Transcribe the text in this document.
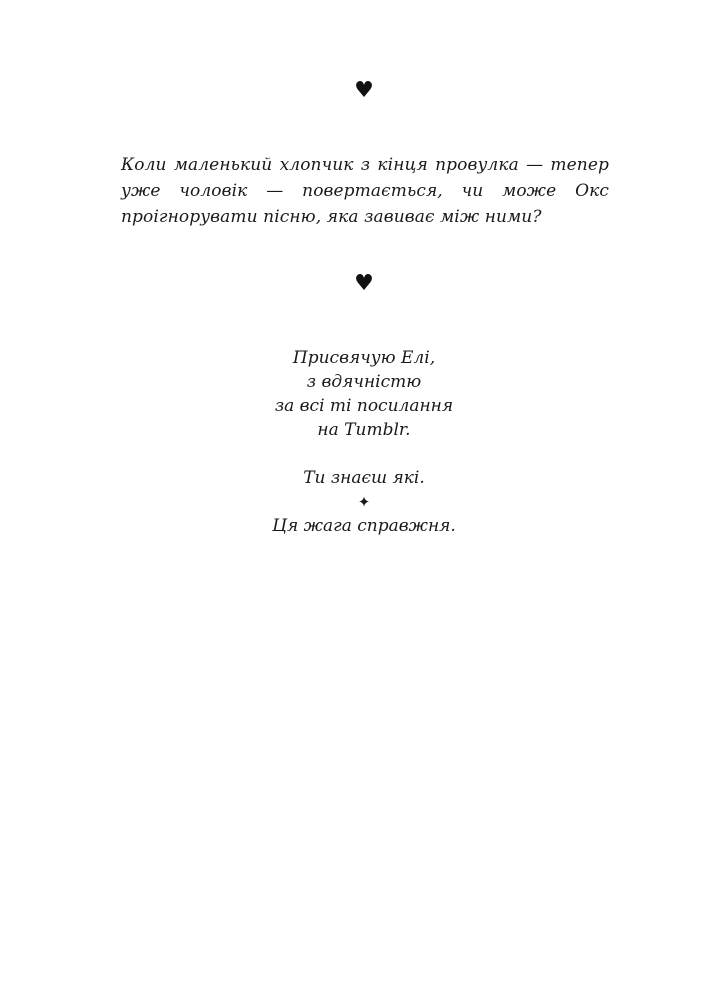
♥

Коли маленький хлопчик з кінця провулка — тепер уже чоловік — повертається, чи може Окс проігнорувати пісню, яка завиває між ними?

♥
Присвячую Елі,
з вдячністю
за всі ті посилання
на Tumblr.
Ти знаєш які.
✦
Ця жага справжня.
